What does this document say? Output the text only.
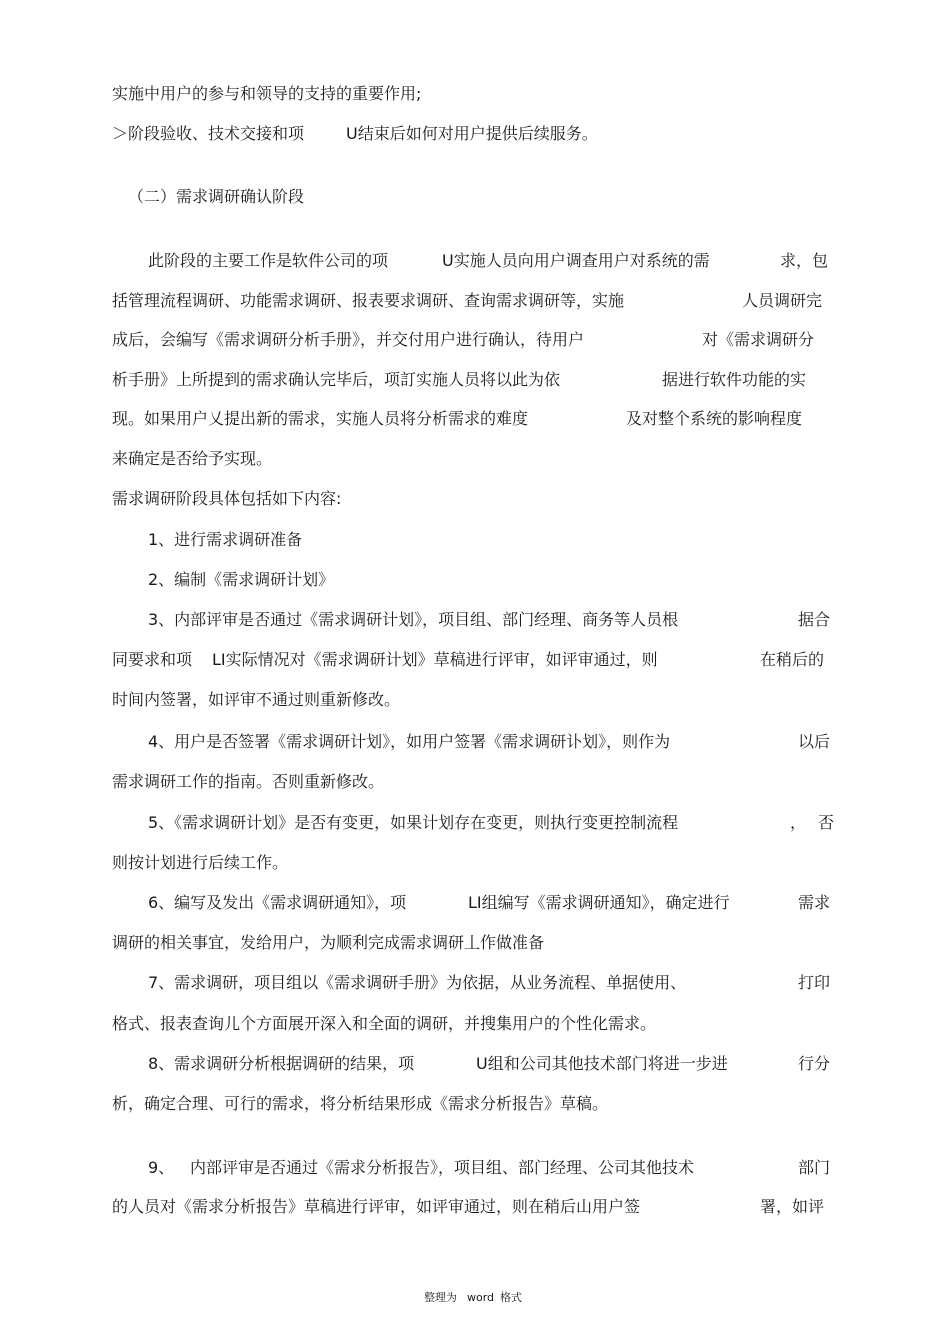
实施中用户的参与和领导的支持的重要作用;
＞阶段验收、技术交接和项	U结束后如何对用户提供后续服务。
（二）需求调研确认阶段
此阶段的主要工作是软件公司的项	U实施人员向用户调查用户对系统的需	求，包
括管理流程调研、功能需求调研、报表要求调研、查询需求调研等，实施	人员调研完
成后，会编写《需求调研分析手册》，并交付用户进行确认，待用户	对《需求调研分
析手册》上所提到的需求确认完毕后，项訂实施人员将以此为依	据进行软件功能的实
现。如果用户乂提出新的需求，实施人员将分析需求的难度	及对整个系统的影响程度
来确定是否给予实现。
需求调研阶段具体包括如下内容:
1、进行需求调研准备
2、编制《需求调研计划》
3、内部评审是否通过《需求调研计划》，项目组、部门经理、商务等人员根	据合
同要求和项 LI实际情况对《需求调研计划》草稿进行评审，如评审通过，则	在稍后的
时间内签署，如评审不通过则重新修改。
4、用户是否签署《需求调研计划》，如用户签署《需求调研讣划》，则作为	以后
需求调研工作的指南。否则重新修改。
5、《需求调研计划》是否有变更，如果计划存在变更，则执行变更控制流程	， 否
则按计划进行后续工作。
6、编写及发出《需求调研通知》，项	LI组编写《需求调研通知》，确定进行	需求
调研的相关事宜，发给用户，为顺利完成需求调研丄作做准备
7、需求调研，项目组以《需求调研手册》为依据，从业务流程、单据使用、	打印
格式、报表查询儿个方面展开深入和全面的调研，并搜集用户的个性化需求。
8、需求调研分析根据调研的结果，项	U组和公司其他技术部门将进一步进	行分
析，确定合理、可行的需求，将分析结果形成《需求分析报告》草稿。
9、 内部评审是否通过《需求分析报告》，项目组、部门经理、公司其他技术	部门
的人员对《需求分析报告》草稿进行评审，如评审通过，则在稍后山用户签	署，如评
整理为 word 格式
